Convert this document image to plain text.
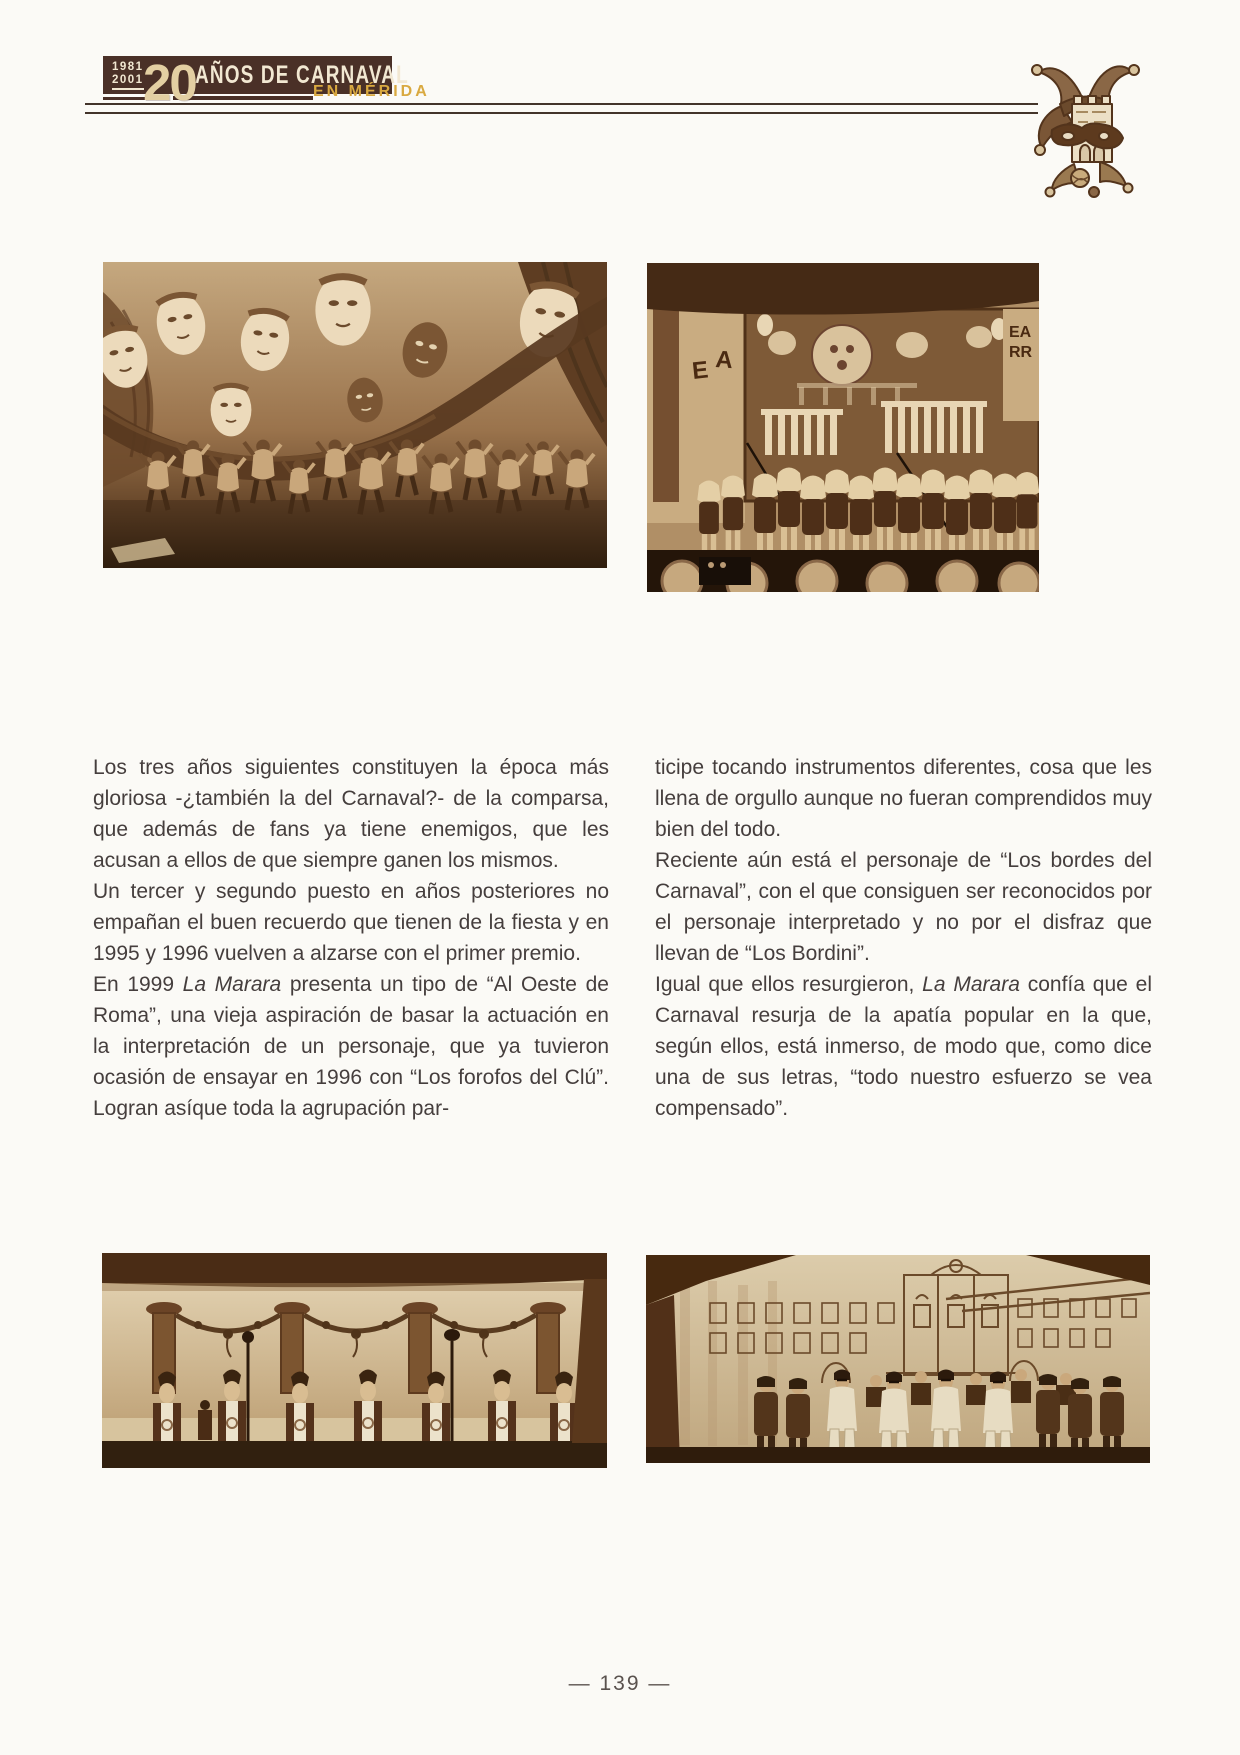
1981
2001 20 AÑOS DE CARNAVAL
EN MÉRIDA
E A
EA
RR

Los tres años siguientes constituyen la época más gloriosa -¿también la del Carnaval?- de la comparsa, que además de fans ya tiene enemigos, que les acusan a ellos de que siempre ganen los mismos.

Un tercer y segundo puesto en años posteriores no empañan el buen recuerdo que tienen de la fiesta y en 1995 y 1996 vuelven a alzarse con el primer premio.

En 1999 La Marara presenta un tipo de “Al Oeste de Roma”, una vieja aspiración de basar la actuación en la interpretación de un personaje, que ya tuvieron ocasión de ensayar en 1996 con “Los forofos del Clú”. Logran asíque toda la agrupación par-

ticipe tocando instrumentos diferentes, cosa que les llena de orgullo aunque no fueran comprendidos muy bien del todo.

Reciente aún está el personaje de “Los bordes del Carnaval”, con el que consiguen ser reconocidos por el personaje interpretado y no por el disfraz que llevan de “Los Bordini”.

Igual que ellos resurgieron, La Marara confía que el Carnaval resurja de la apatía popular en la que, según ellos, está inmerso, de modo que, como dice una de sus letras, “todo nuestro esfuerzo se vea compensado”.

— 139 —
